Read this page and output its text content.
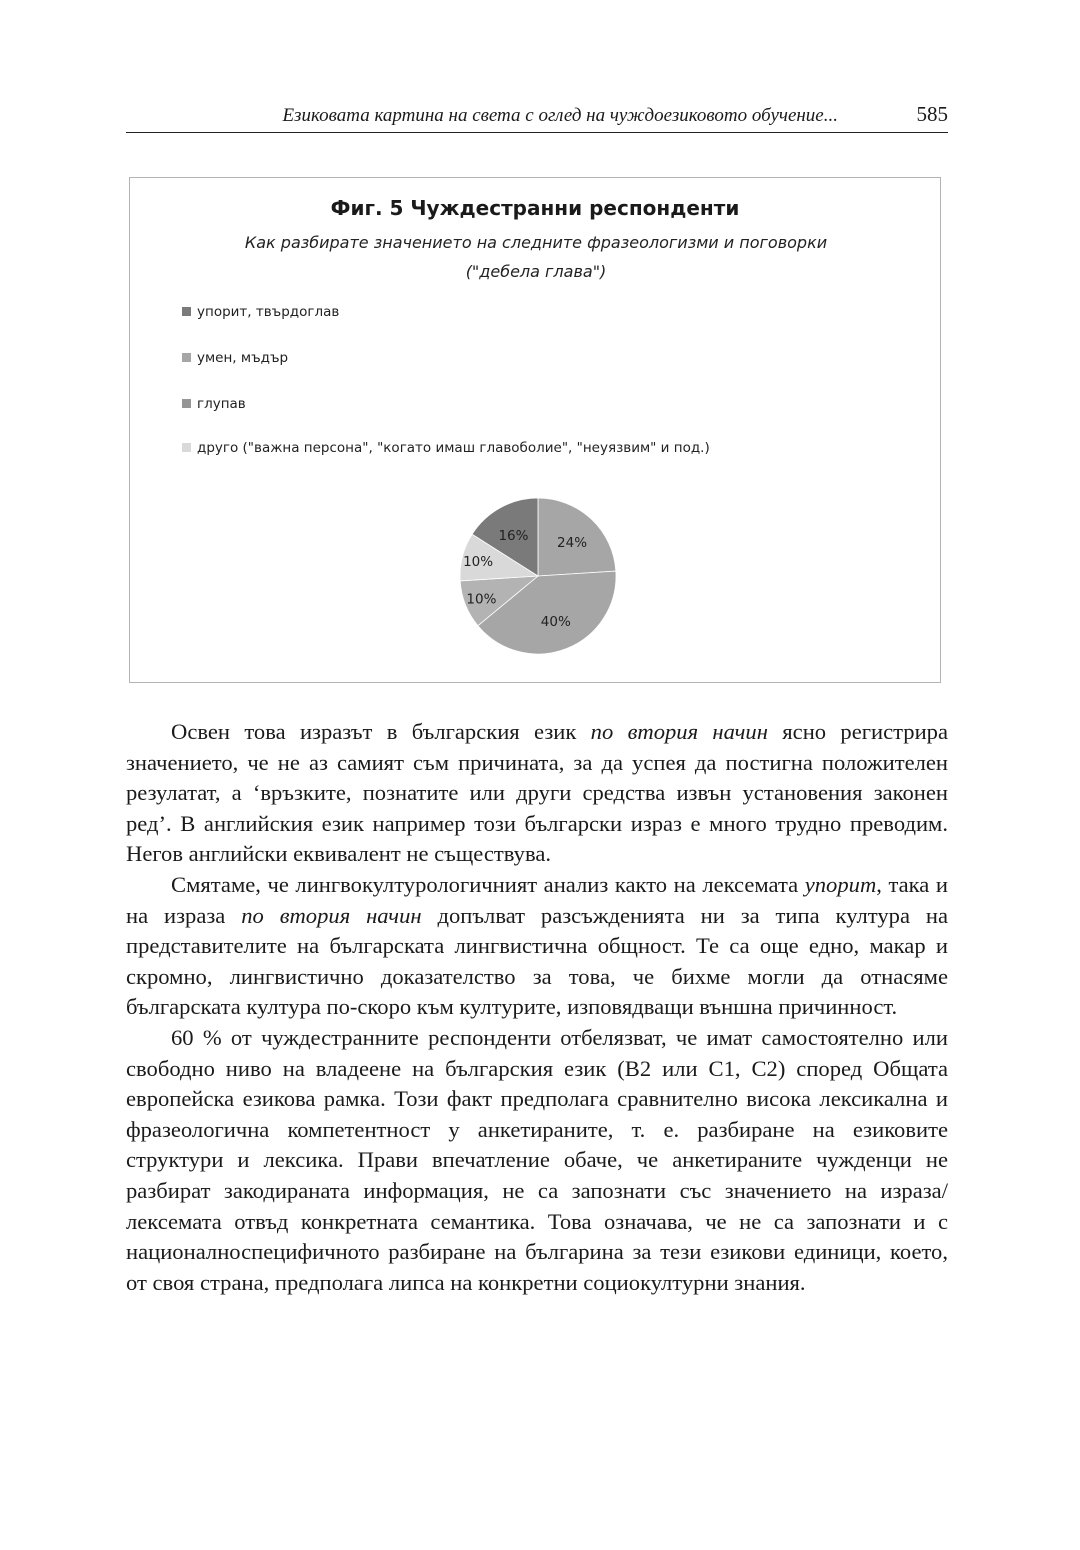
Езиковата картина на света с оглед на чуждоезиковото обучение...	585
Фиг. 5 Чуждестранни респонденти
Как разбирате значението на следните фразеологизми и поговорки ("дебела глава")
упорит, твърдоглав
умен, мъдър
глупав
друго ("важна персона", "когато имаш главоболие", "неуязвим" и под.)
24%
40%
10%
10%
16%

Освен това изразът в българския език по втория начин ясно регистрира значението, че не аз самият съм причината, за да успея да постигна положителен резулатат, а ‘връзките, познатите или други средства извън установения законен ред’. В английския език например този български израз е много трудно преводим. Негов английски еквивалент не съществува.

Смятаме, че лингвокултурологичният анализ както на лексемата упорит, така и на израза по втория начин допълват разсъжденията ни за типа култура на представителите на българската лингвистична общност. Те са още едно, макар и скромно, лингвистично доказателство за това, че бихме могли да отнасяме българската култура по-скоро към културите, изповядващи външна причинност.

60 % от чуждестранните респонденти отбелязват, че имат самостоятелно или свободно ниво на владеене на българския език (B2 или C1, C2) според Общата европейска езикова рамка. Този факт предполага сравнително висока лексикална и фразеологична компетентност у анкетираните, т. е. разбиране на езиковите структури и лексика. Прави впечатление обаче, че анкетираните чужденци не разбират закодираната информация, не са запознати със значението на израза/лексемата отвъд конкретната семантика. Това означава, че не са запознати и с националноспецифичното разбиране на българина за тези езикови единици, което, от своя страна, предполага липса на конкретни социокултурни знания.
